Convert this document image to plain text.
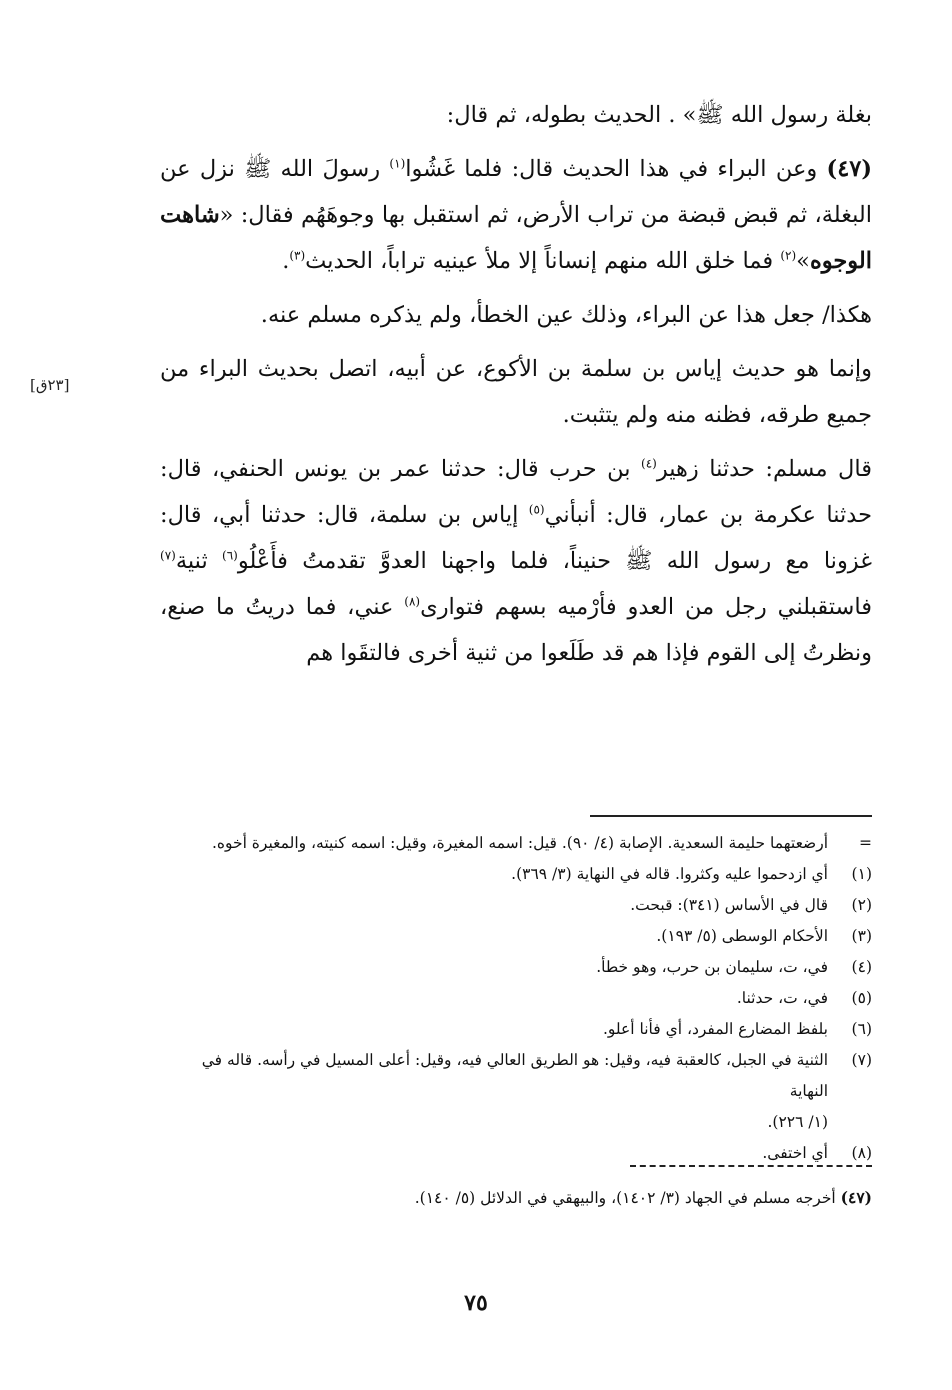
بغلة رسول الله ﷺ» . الحديث بطوله، ثم قال:

(٤٧) وعن البراء في هذا الحديث قال: فلما غَشُوا$^{(١)}$ رسولَ الله ﷺ نزل عن البغلة، ثم قبض قبضة من تراب الأرض، ثم استقبل بها وجوهَهُم فقال: «شاهت الوجوه»$^{(٢)}$ فما خلق الله منهم إنساناً إلا ملأ عينيه تراباً، الحديث$^{(٣)}$.

هكذا/ جعل هذا عن البراء، وذلك عين الخطأ، ولم يذكره مسلم عنه.

وإنما هو حديث إياس بن سلمة بن الأكوع، عن أبيه، اتصل بحديث البراء من جميع طرقه، فظنه منه ولم يتثبت.

قال مسلم: حدثنا زهير$^{(٤)}$ بن حرب قال: حدثنا عمر بن يونس الحنفي، قال: حدثنا عكرمة بن عمار، قال: أنبأني$^{(٥)}$ إياس بن سلمة، قال: حدثنا أبي، قال: غزونا مع رسول الله ﷺ حنيناً، فلما واجهنا العدوَّ تقدمتُ فأَعْلُو$^{(٦)}$ ثنية$^{(٧)}$ فاستقبلني رجل من العدو فأرْميه بسهم فتوارى$^{(٨)}$ عني، فما دريتُ ما صنع، ونظرتُ إلى القوم فإذا هم قد طَلَعوا من ثنية أخرى فالتقَوا هم

[٢٣ق]
=
أرضعتهما حليمة السعدية. الإصابة (٤/ ٩٠). قيل: اسمه المغيرة، وقيل: اسمه كنيته، والمغيرة أخوه.
(١)
أي ازدحموا عليه وكثروا. قاله في النهاية (٣/ ٣٦٩).
(٢)
قال في الأساس (٣٤١): قبحت.
(٣)
الأحكام الوسطى (٥/ ١٩٣).
(٤)
في، ت، سليمان بن حرب، وهو خطأ.
(٥)
في، ت، حدثنا.
(٦)
بلفظ المضارع المفرد، أي فأنا أعلو.
(٧)
الثنية في الجبل، كالعقبة فيه، وقيل: هو الطريق العالي فيه، وقيل: أعلى المسيل في رأسه. قاله في النهاية
(١/ ٢٢٦).
(٨)
أي اختفى.
(٤٧) أخرجه مسلم في الجهاد (٣/ ١٤٠٢)، والبيهقي في الدلائل (٥/ ١٤٠).
٧٥
